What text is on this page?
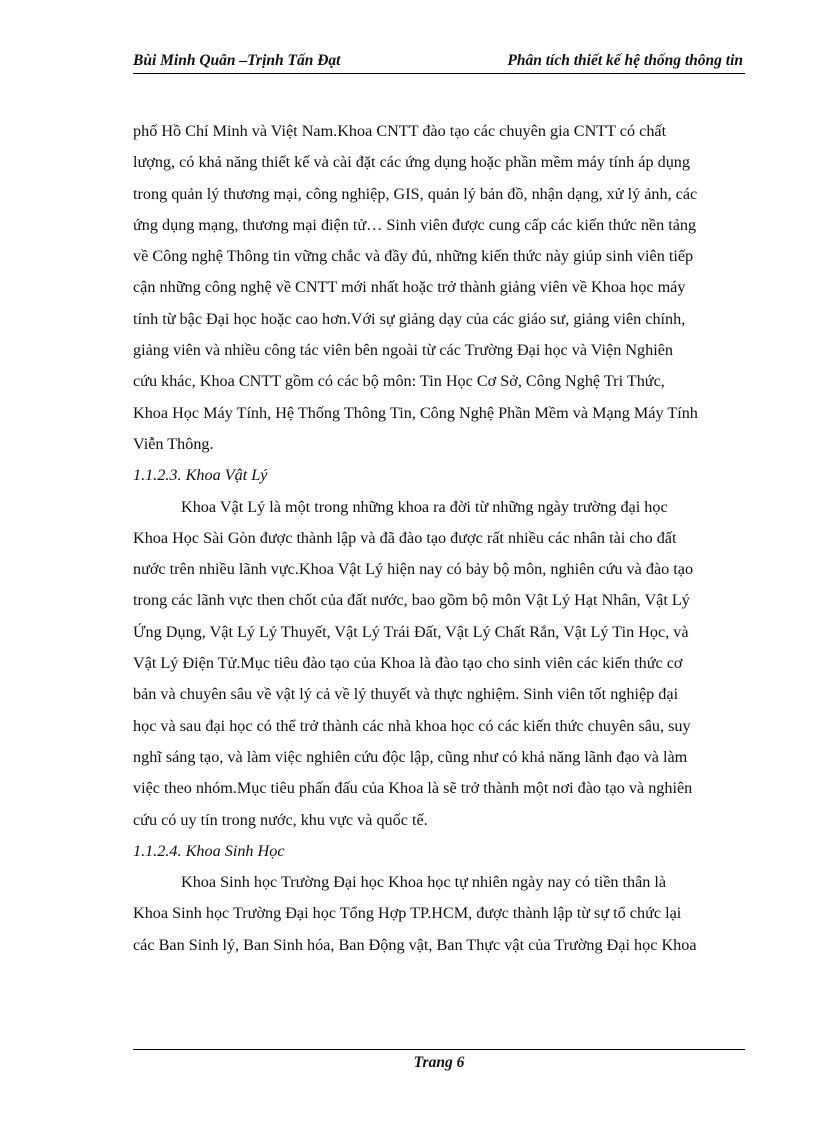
Bùi Minh Quân –Trịnh Tấn Đạt	Phân tích thiết kế hệ thống thông tin
phố Hồ Chí Minh và Việt Nam.Khoa CNTT đào tạo các chuyên gia CNTT có chất
lượng, có khả năng thiết kế và cài đặt các ứng dụng hoặc phần mềm máy tính áp dụng
trong quản lý thương mại, công nghiệp, GIS, quản lý bản đồ, nhận dạng, xử lý ảnh, các
ứng dụng mạng, thương mại điện tử… Sinh viên được cung cấp các kiến thức nền tảng
về Công nghệ Thông tin vững chắc và đầy đủ, những kiến thức này giúp sinh viên tiếp
cận những công nghệ về CNTT mới nhất hoặc trở thành giảng viên về Khoa học máy
tính từ bậc Đại học hoặc cao hơn.Với sự giảng dạy của các giáo sư, giảng viên chính,
giảng viên và nhiều công tác viên bên ngoài từ các Trường Đại học và Viện Nghiên
cứu khác, Khoa CNTT gồm có các bộ môn: Tin Học Cơ Sở, Công Nghệ Tri Thức,
Khoa Học Máy Tính, Hệ Thống Thông Tin, Công Nghệ Phần Mềm và Mạng Máy Tính
Viễn Thông.
1.1.2.3. Khoa Vật Lý
Khoa Vật Lý là một trong những khoa ra đời từ những ngày trường đại học
Khoa Học Sài Gòn được thành lập và đã đào tạo được rất nhiều các nhân tài cho đất
nước trên nhiều lãnh vực.Khoa Vật Lý hiện nay có bảy bộ môn, nghiên cứu và đào tạo
trong các lãnh vực then chốt của đất nước, bao gồm bộ môn Vật Lý Hạt Nhân, Vật Lý
Ứng Dụng, Vật Lý Lý Thuyết, Vật Lý Trái Đất, Vật Lý Chất Rắn, Vật Lý Tin Học, và
Vật Lý Điện Tử.Mục tiêu đào tạo của Khoa là đào tạo cho sinh viên các kiến thức cơ
bản và chuyên sâu về vật lý cả về lý thuyết và thực nghiệm. Sinh viên tốt nghiệp đại
học và sau đại học có thể trở thành các nhà khoa học có các kiến thức chuyên sâu, suy
nghĩ sáng tạo, và làm việc nghiên cứu độc lập, cũng như có khả năng lãnh đạo và làm
việc theo nhóm.Mục tiêu phấn đấu của Khoa là sẽ trở thành một nơi đào tạo và nghiên
cứu có uy tín trong nước, khu vực và quốc tế.
1.1.2.4. Khoa Sinh Học
Khoa Sinh học Trường Đại học Khoa học tự nhiên ngày nay có tiền thân là
Khoa Sinh học Trường Đại học Tổng Hợp TP.HCM, được thành lập từ sự tổ chức lại
các Ban Sinh lý, Ban Sinh hóa, Ban Động vật, Ban Thực vật của Trường Đại học Khoa
Trang 6
